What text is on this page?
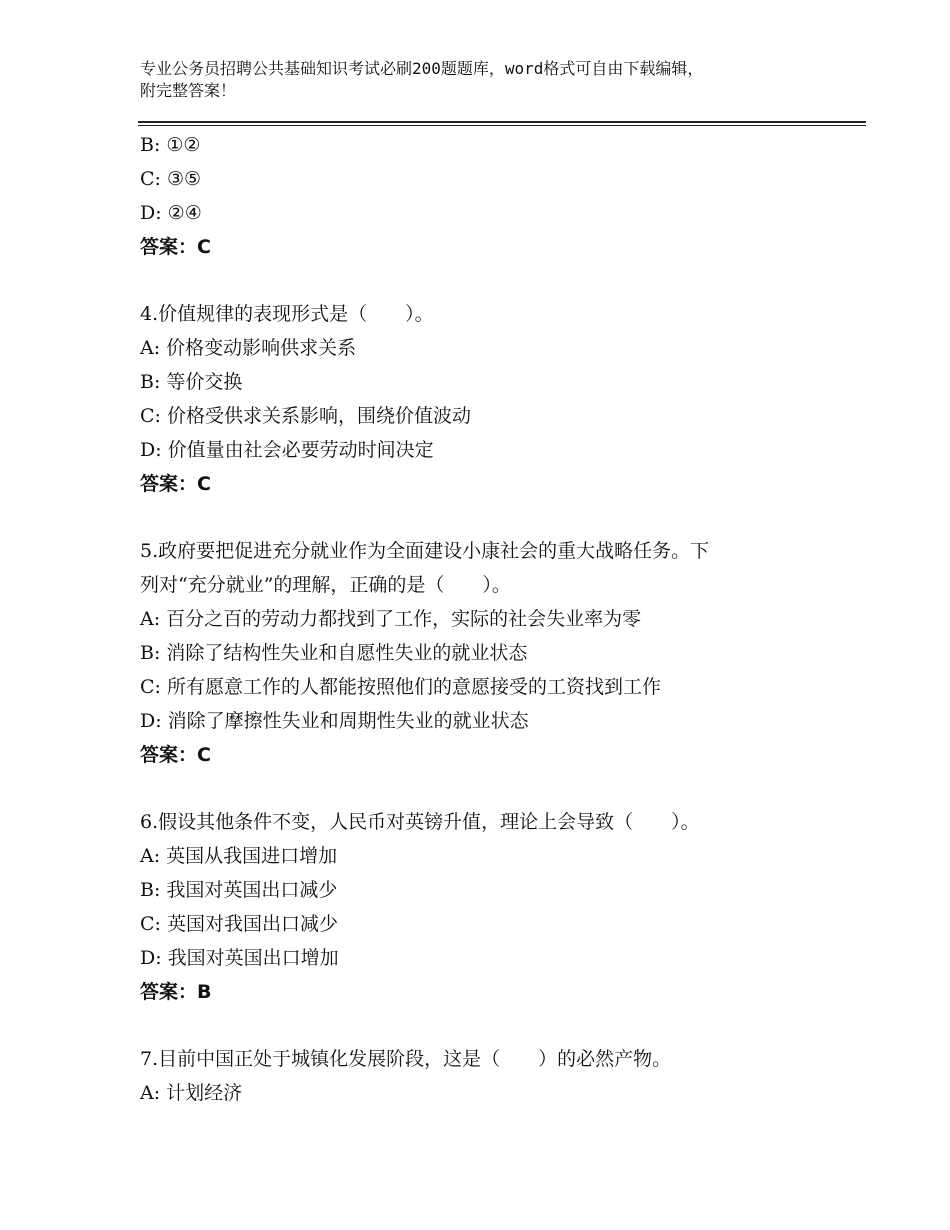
专业公务员招聘公共基础知识考试必刷200题题库，word格式可自由下载编辑，
附完整答案！
B: ①②
C: ③⑤
D: ②④
答案：C
4.价值规律的表现形式是（　　）。
A: 价格变动影响供求关系
B: 等价交换
C: 价格受供求关系影响，围绕价值波动
D: 价值量由社会必要劳动时间决定
答案：C
5.政府要把促进充分就业作为全面建设小康社会的重大战略任务。下
列对“充分就业”的理解，正确的是（　　）。
A: 百分之百的劳动力都找到了工作，实际的社会失业率为零
B: 消除了结构性失业和自愿性失业的就业状态
C: 所有愿意工作的人都能按照他们的意愿接受的工资找到工作
D: 消除了摩擦性失业和周期性失业的就业状态
答案：C
6.假设其他条件不变，人民币对英镑升值，理论上会导致（　　）。
A: 英国从我国进口增加
B: 我国对英国出口减少
C: 英国对我国出口减少
D: 我国对英国出口增加
答案：B
7.目前中国正处于城镇化发展阶段，这是（　　）的必然产物。
A: 计划经济
